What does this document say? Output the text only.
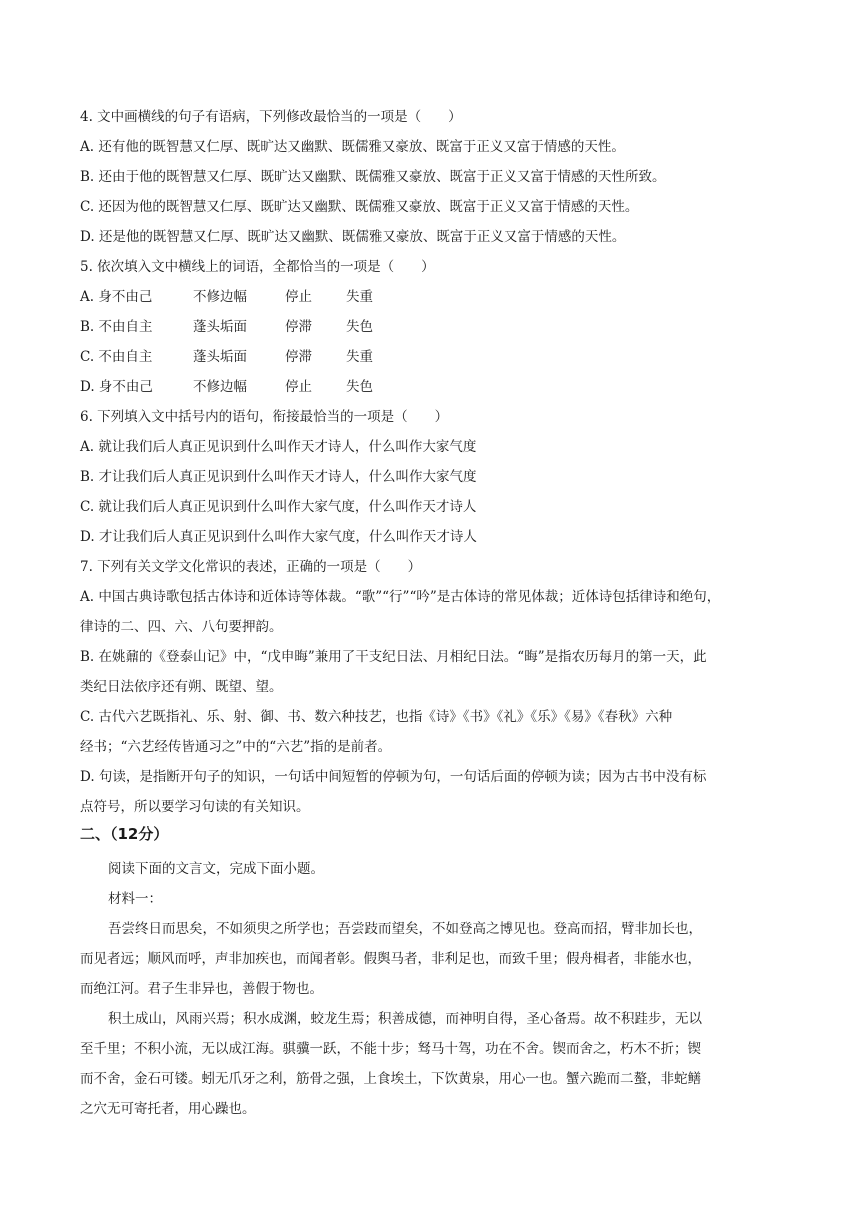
4. 文中画横线的句子有语病，下列修改最恰当的一项是（　　）
A. 还有他的既智慧又仁厚、既旷达又幽默、既儒雅又豪放、既富于正义又富于情感的天性。
B. 还由于他的既智慧又仁厚、既旷达又幽默、既儒雅又豪放、既富于正义又富于情感的天性所致。
C. 还因为他的既智慧又仁厚、既旷达又幽默、既儒雅又豪放、既富于正义又富于情感的天性。
D. 还是他的既智慧又仁厚、既旷达又幽默、既儒雅又豪放、既富于正义又富于情感的天性。
5. 依次填入文中横线上的词语，全都恰当的一项是（　　）
A. 身不由己	不修边幅	停止	失重
B. 不由自主	蓬头垢面	停滞	失色
C. 不由自主	蓬头垢面	停滞	失重
D. 身不由己	不修边幅	停止	失色
6. 下列填入文中括号内的语句，衔接最恰当的一项是（　　）
A. 就让我们后人真正见识到什么叫作天才诗人，什么叫作大家气度
B. 才让我们后人真正见识到什么叫作天才诗人，什么叫作大家气度
C. 就让我们后人真正见识到什么叫作大家气度，什么叫作天才诗人
D. 才让我们后人真正见识到什么叫作大家气度，什么叫作天才诗人
7. 下列有关文学文化常识的表述，正确的一项是（　　）
A. 中国古典诗歌包括古体诗和近体诗等体裁。“歌”“行”“吟”是古体诗的常见体裁；近体诗包括律诗和绝句，
律诗的二、四、六、八句要押韵。
B. 在姚鼐的《登泰山记》中，“戊申晦”兼用了干支纪日法、月相纪日法。“晦”是指农历每月的第一天，此
类纪日法依序还有朔、既望、望。
C. 古代六艺既指礼、乐、射、御、书、数六种技艺，也指《诗》《书》《礼》《乐》《易》《春秋》六种
经书；“六艺经传皆通习之”中的“六艺”指的是前者。
D. 句读，是指断开句子的知识，一句话中间短暂的停顿为句，一句话后面的停顿为读；因为古书中没有标
点符号，所以要学习句读的有关知识。
二、（12分）
阅读下面的文言文，完成下面小题。
材料一：
吾尝终日而思矣，不如须臾之所学也；吾尝跂而望矣，不如登高之博见也。登高而招，臂非加长也，
而见者远；顺风而呼，声非加疾也，而闻者彰。假舆马者，非利足也，而致千里；假舟楫者，非能水也，
而绝江河。君子生非异也，善假于物也。
积土成山，风雨兴焉；积水成渊，蛟龙生焉；积善成德，而神明自得，圣心备焉。故不积跬步，无以
至千里；不积小流，无以成江海。骐骥一跃，不能十步；驽马十驾，功在不舍。锲而舍之，朽木不折；锲
而不舍，金石可镂。蚓无爪牙之利，筋骨之强，上食埃土，下饮黄泉，用心一也。蟹六跪而二螯，非蛇鳝
之穴无可寄托者，用心躁也。
